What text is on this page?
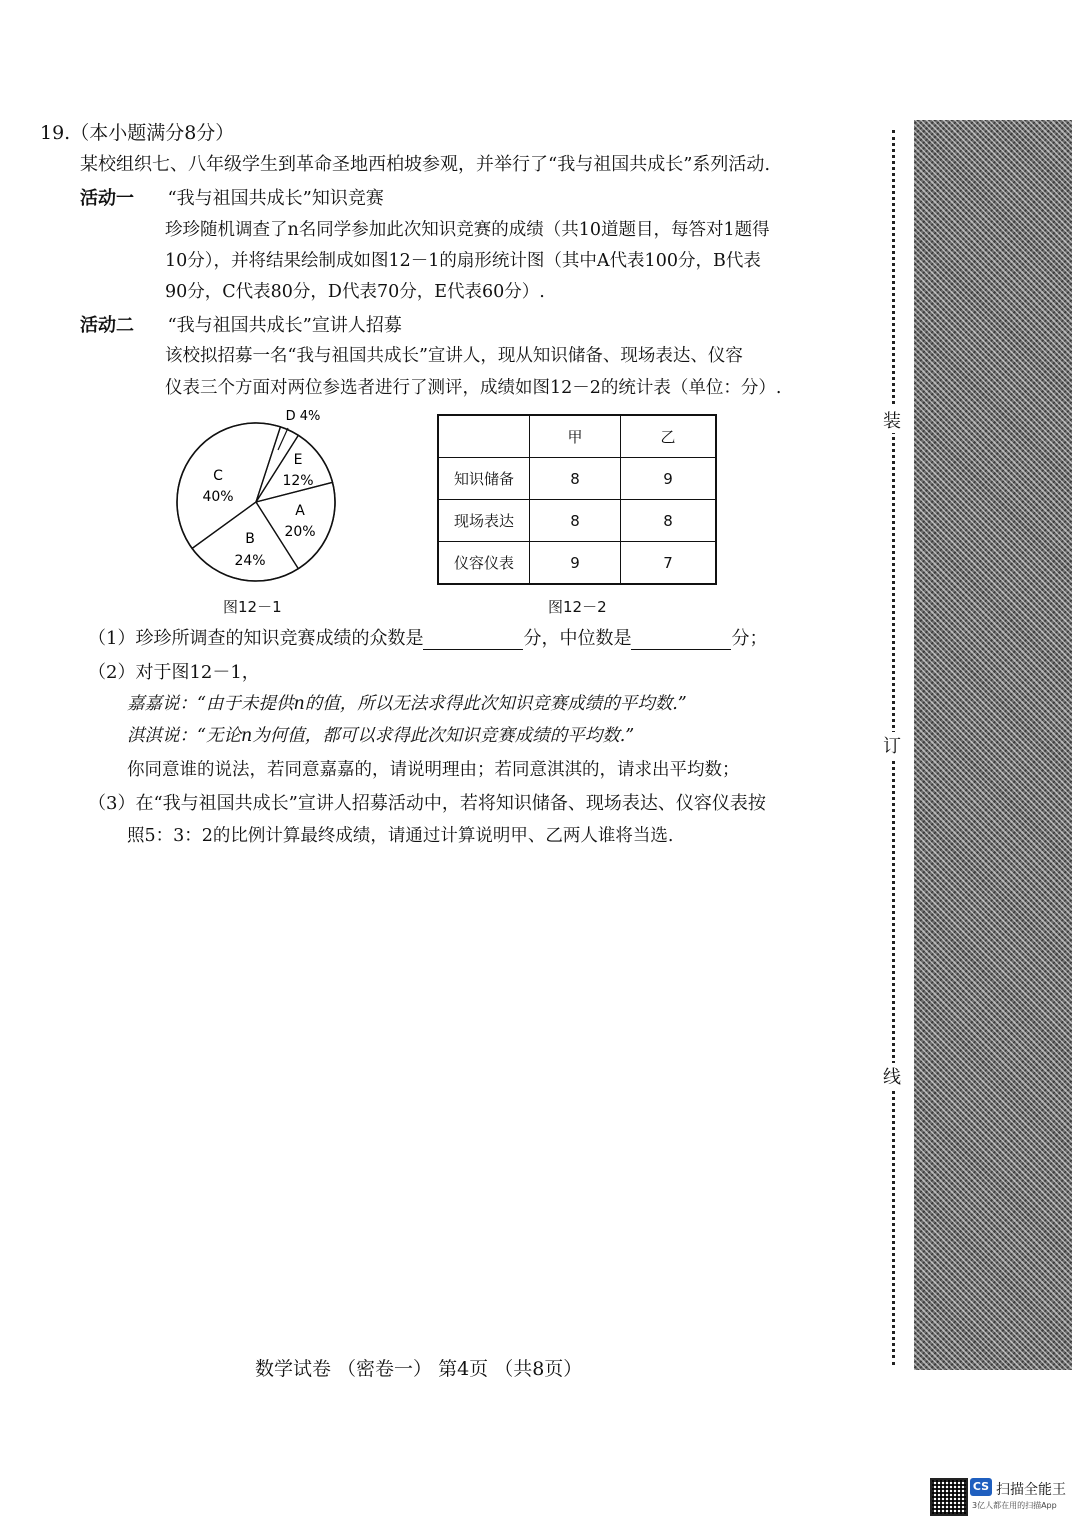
19.（本小题满分8分）
某校组织七、八年级学生到革命圣地西柏坡参观，并举行了“我与祖国共成长”系列活动.
活动一 “我与祖国共成长”知识竞赛
珍珍随机调查了n名同学参加此次知识竞赛的成绩（共10道题目，每答对1题得
10分），并将结果绘制成如图12－1的扇形统计图（其中A代表100分，B代表
90分，C代表80分，D代表70分，E代表60分）.
活动二 “我与祖国共成长”宣讲人招募
该校拟招募一名“我与祖国共成长”宣讲人，现从知识储备、现场表达、仪容
仪表三个方面对两位参选者进行了测评，成绩如图12－2的统计表（单位：分）.
A
20%
B
24%
C
40%
D 4%
E
12%
图12－1
	甲	乙
知识储备	8	9
现场表达	8	8
仪容仪表	9	7
图12－2
（1）珍珍所调查的知识竞赛成绩的众数是	分，中位数是	分；
（2）对于图12－1，
嘉嘉说：“由于未提供n的值，所以无法求得此次知识竞赛成绩的平均数.”
淇淇说：“无论n为何值，都可以求得此次知识竞赛成绩的平均数.”
你同意谁的说法，若同意嘉嘉的，请说明理由；若同意淇淇的，请求出平均数；
（3）在“我与祖国共成长”宣讲人招募活动中，若将知识储备、现场表达、仪容仪表按
照5：3：2的比例计算最终成绩，请通过计算说明甲、乙两人谁将当选.
装
订
线
数学试卷 （密卷一） 第4页 （共8页）
CS 扫描全能王
3亿人都在用的扫描App
